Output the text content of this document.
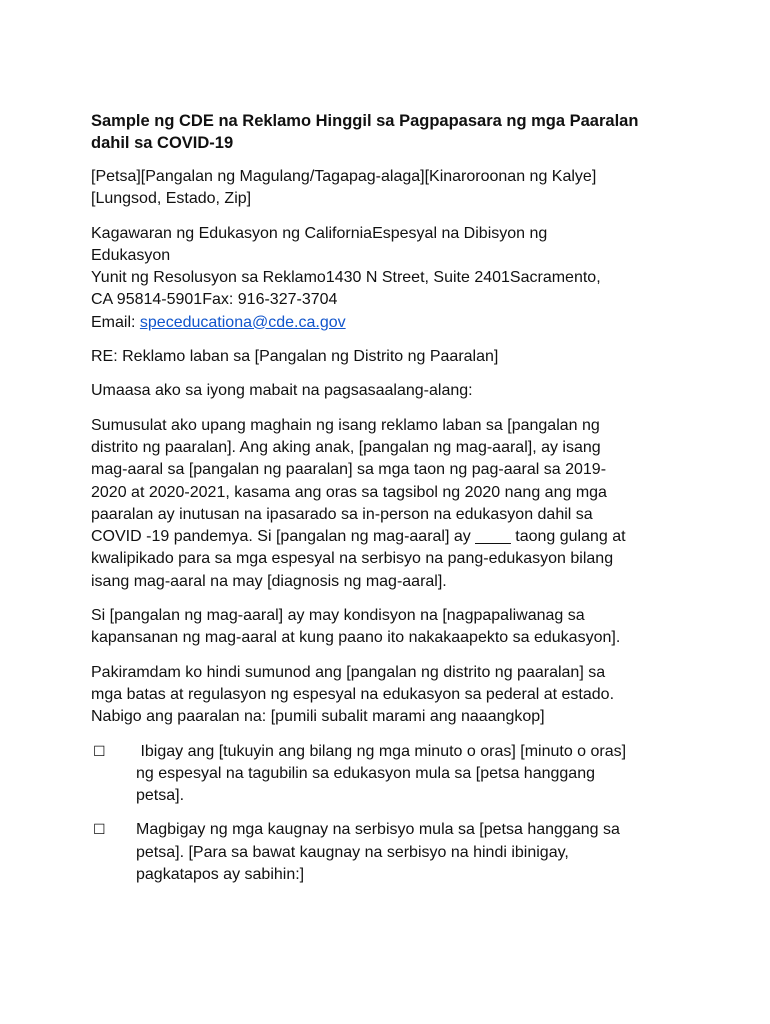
Sample ng CDE na Reklamo Hinggil sa Pagpapasara ng mga Paaralan
dahil sa COVID-19
[Petsa][Pangalan ng Magulang/Tagapag-alaga][Kinaroroonan ng Kalye]
[Lungsod, Estado, Zip]
Kagawaran ng Edukasyon ng CaliforniaEspesyal na Dibisyon ng
Edukasyon
Yunit ng Resolusyon sa Reklamo1430 N Street, Suite 2401Sacramento,
CA 95814-5901Fax: 916-327-3704
Email: speceducationa@cde.ca.gov
RE: Reklamo laban sa [Pangalan ng Distrito ng Paaralan]
Umaasa ako sa iyong mabait na pagsasaalang-alang:
Sumusulat ako upang maghain ng isang reklamo laban sa [pangalan ng
distrito ng paaralan]. Ang aking anak, [pangalan ng mag-aaral], ay isang
mag-aaral sa [pangalan ng paaralan] sa mga taon ng pag-aaral sa 2019-
2020 at 2020-2021, kasama ang oras sa tagsibol ng 2020 nang ang mga
paaralan ay inutusan na ipasarado sa in-person na edukasyon dahil sa
COVID -19 pandemya. Si [pangalan ng mag-aaral] ay ____ taong gulang at
kwalipikado para sa mga espesyal na serbisyo na pang-edukasyon bilang
isang mag-aaral na may [diagnosis ng mag-aaral].
Si [pangalan ng mag-aaral] ay may kondisyon na [nagpapaliwanag sa
kapansanan ng mag-aaral at kung paano ito nakakaapekto sa edukasyon].
Pakiramdam ko hindi sumunod ang [pangalan ng distrito ng paaralan] sa
mga batas at regulasyon ng espesyal na edukasyon sa pederal at estado.
Nabigo ang paaralan na: [pumili subalit marami ang naaangkop]
☐ Ibigay ang [tukuyin ang bilang ng mga minuto o oras] [minuto o oras]
ng espesyal na tagubilin sa edukasyon mula sa [petsa hanggang
petsa].
☐ Magbigay ng mga kaugnay na serbisyo mula sa [petsa hanggang sa
petsa]. [Para sa bawat kaugnay na serbisyo na hindi ibinigay,
pagkatapos ay sabihin:]
